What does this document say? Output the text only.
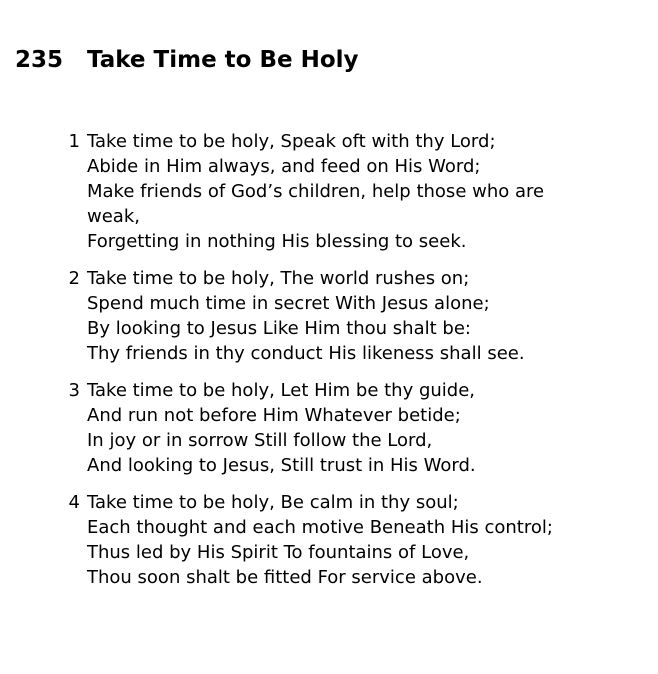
235 Take Time to Be Holy
1 Take time to be holy, Speak oft with thy Lord;
Abide in Him always, and feed on His Word;
Make friends of God’s children, help those who are
weak,
Forgetting in nothing His blessing to seek.
2 Take time to be holy, The world rushes on;
Spend much time in secret With Jesus alone;
By looking to Jesus Like Him thou shalt be:
Thy friends in thy conduct His likeness shall see.
3 Take time to be holy, Let Him be thy guide,
And run not before Him Whatever betide;
In joy or in sorrow Still follow the Lord,
And looking to Jesus, Still trust in His Word.
4 Take time to be holy, Be calm in thy soul;
Each thought and each motive Beneath His control;
Thus led by His Spirit To fountains of Love,
Thou soon shalt be fitted For service above.
